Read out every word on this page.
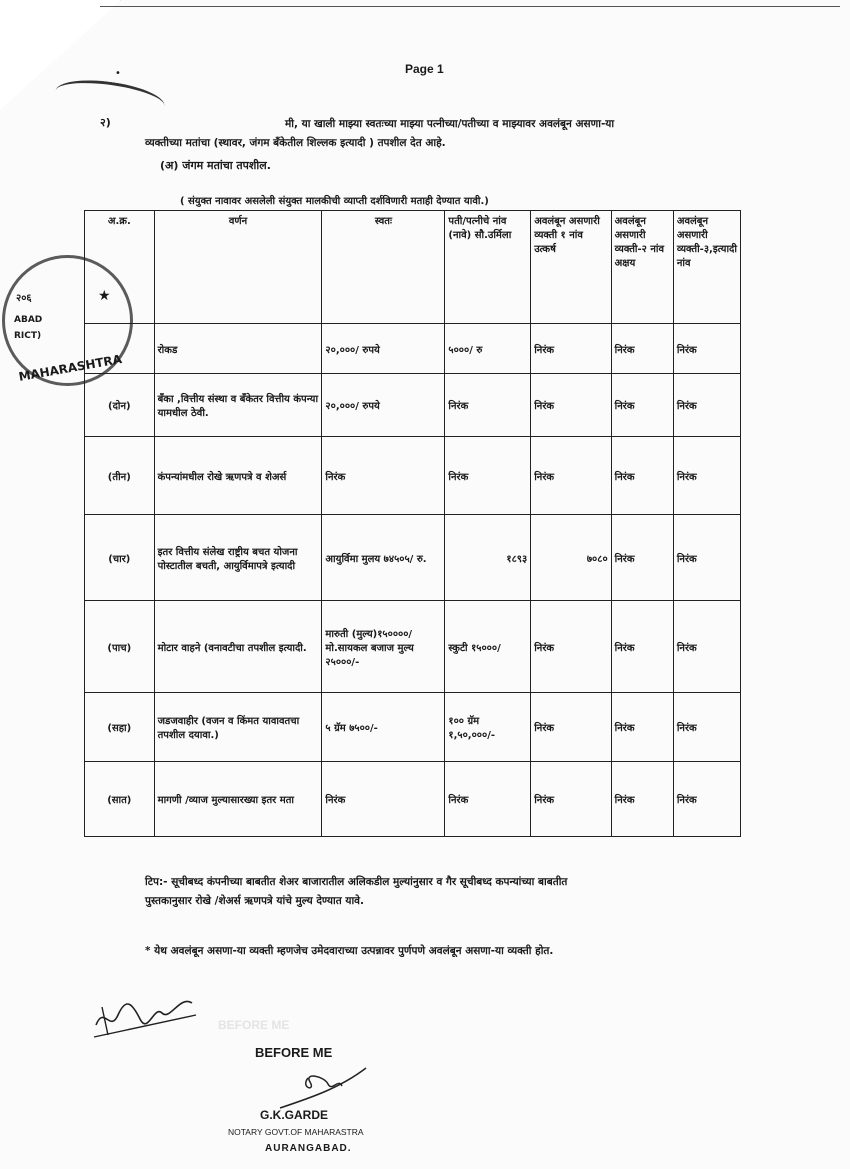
Page 1
•
२)	मी, या खाली माझ्या स्वतःच्या माझ्या पत्नीच्या/पतीच्या व माझ्यावर अवलंबून असणा-या
व्यक्तीच्या मतांचा (स्थावर, जंगम बँकेतील शिल्लक इत्यादी ) तपशील देत आहे.
(अ) जंगम मतांचा तपशील.
( संयुक्त नावावर असलेली संयुक्त मालकीची व्याप्ती दर्शविणारी मताही देण्यात यावी.)
२०६
ABAD
RICT)
MAHARASHTRA
★
अ.क्र.	वर्णन	स्वतः	पती/पत्नीचे नांव (नावे) सौ.उर्मिला	अवलंबून असणारी व्यक्ती १ नांव उत्कर्ष	अवलंबून असणारी व्यक्ती-२ नांव अक्षय	अवलंबून असणारी व्यक्ती-३,इत्यादी नांव
	रोकड	२०,०००/ रुपये	५०००/ रु	निरंक	निरंक	निरंक
(दोन)	बँका ,वित्तीय संस्था व बँकेतर वित्तीय कंपन्या यामधील ठेवी.	२०,०००/ रुपये	निरंक	निरंक	निरंक	निरंक
(तीन)	कंपन्यांमधील रोखे ऋणपत्रे व शेअर्स	निरंक	निरंक	निरंक	निरंक	निरंक
(चार)	इतर वित्तीय संलेख राष्ट्रीय बचत योजना पोस्टातील बचती, आयुर्विमापत्रे इत्यादी	आयुर्विमा मुलय ७४५०५/ रु.	१८९३	७०८०	निरंक	निरंक
(पाच)	मोटार वाहने (वनावटीचा तपशील इत्यादी.	मारुती (मुल्य)१५००००/ मो.सायकल बजाज मुल्य २५०००/-	स्कुटी १५०००/	निरंक	निरंक	निरंक
(सहा)	जडजवाहीर (वजन व किंमत यावावतचा तपशील दयावा.)	५ ग्रॅम ७५००/-	१०० ग्रॅम १,५०,०००/-	निरंक	निरंक	निरंक
(सात)	मागणी /व्याज मुल्यासारख्या इतर मता	निरंक	निरंक	निरंक	निरंक	निरंक
टिप:- सूचीबध्द कंपनीच्या बाबतीत शेअर बाजारातील अलिकडील मुल्यांनुसार व गैर सूचीबध्द कपन्यांच्या बाबतीत
पुस्तकानुसार रोखे /शेअर्स ऋणपत्रे यांचे मुल्य देण्यात यावे.
* येथ अवलंबून असणा-या व्यक्ती म्हणजेच उमेदवाराच्या उत्पन्नावर पुर्णपणे अवलंबून असणा-या व्यक्ती होत.
BEFORE ME
BEFORE ME
G.K.GARDE
NOTARY GOVT.OF MAHARASTRA
AURANGABAD.
